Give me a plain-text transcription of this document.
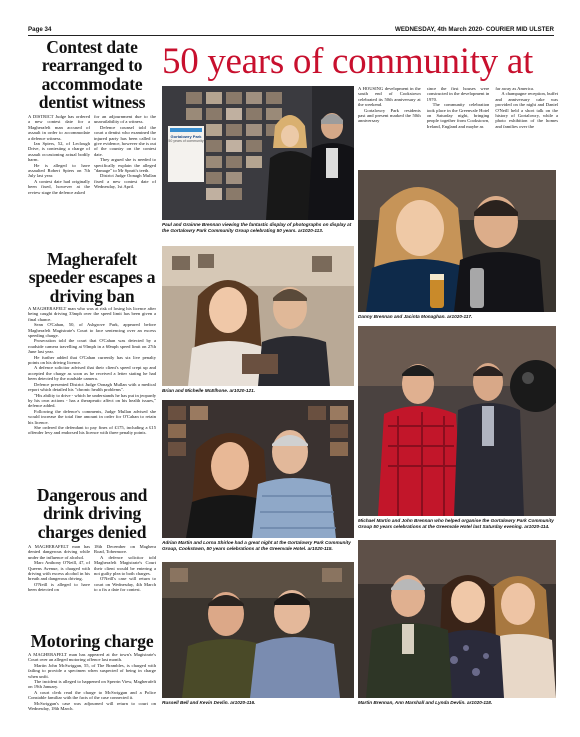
Page 34	WEDNESDAY, 4th March 2020- COURIER MID ULSTER
Contest date rearranged to accommodate dentist witness

A DISTRICT Judge has ordered a new contest date for a Magherafelt man accused of assault in order to accommodate a defence witness.

Ian Spiers, 52, of Leclough Drive, is contesting a charge of assault occasioning actual bodily harm.

He is alleged to have assaulted Robert Spiers on 7th July last year.

A contest date had originally been fixed, however at the review stage the defence asked

for an adjournment due to the unavailability of a witness.

Defence counsel told the court a dentist who examined the injured party has been called to give evidence, however she is out of the country on the contest date.

They argued she is needed to specifically explain the alleged "damage" to Mr Spratt's teeth.

District Judge Oonagh Mullan fixed a new contest date of Wednesday, 1st April.

Magherafelt speeder escapes a driving ban

A MAGHERAFELT man who was at risk of losing his licence after being caught driving 33mph over the speed limit has been given a final chance.

Sean O'Cahan, 50, of Ashgrove Park, appeared before Magherafelt Magistrate's Court to face sentencing over an excess speeding charge.

Prosecution told the court that O'Cahan was detected by a roadside camera travelling at 93mph in a 60mph speed limit on 27th June last year.

He further added that O'Cahan currently has six live penalty points on his driving licence.

A defence solicitor advised that their client's speed crept up and accepted the charge as soon as he received a letter stating he had been detected by the roadside camera.

Defence presented District Judge Oonagh Mullan with a medical report which detailed his "chronic health problems".

"His ability to drive - which he understands he has put in jeopardy by his own actions - has a therapeutic affect on his health issues," defence added.

Following the defence's comments, Judge Mullan advised she would increase the total fine amount in order for O'Cahan to retain his licence.

She ordered the defendant to pay fines of £175, including a £15 offender levy and endorsed his licence with three penalty points.

Dangerous and drink driving charges denied

A MAGHERAFELT man has denied dangerous driving while under the influence of alcohol.

Marc Anthony O'Neill, 47, of Queens Avenue, is charged with driving with excess alcohol in his breath and dangerous driving.

O'Neill is alleged to have been detected on

18th December on Maghera Road, Tobermore.

A defence solicitor told Magherafelt Magistrate's Court their client would be entering a not guilty plea to both charges.

O'Neill's case will return to court on Wednesday, 4th March to a fix a date for contest.

Motoring charge

A MAGHERAFELT man has appeared at the town's Magistrate's Court over an alleged motoring offence last month.

Martin John McSwiggan, 55, of The Brambles, is charged with failing to provide a specimen when suspected of being in charge when unfit.

The incident is alleged to happened on Sperrin View, Magherafelt on 19th January.

A court clerk read the charge to McSwiggan and a Police Constable familiar with the facts of the case connected it.

McSwiggan's case was adjourned will return to court on Wednesday, 18th March.

50 years of community at

A HOUSING development in the south end of Cookstown celebrated its 50th anniversary at the weekend.

Gortalowry Park residents past and present marked the 50th anniversary

since the first houses were constructed in the development in 1970.

The community celebration took place in the Greenvale Hotel on Saturday night, bringing people together from Cookstown, Ireland, England and maybe as

far away as America.

A champagne reception, buffet and anniversary cake was provided on the night and Daniel O'Neill held a short talk on the history of Gortalowry, while a photo exhibition of the homes and families over the

Gortalowry Park
50 years of community
Paul and Grainne Brennan viewing the fantastic display of photographs on display at the Gortalowry Park Community Group celebrating 50 years. ar1020-113.
Danny Brennan and Jacinta Monaghan. ar1020-117.
Brian and Michelle McElhone. ar1020-121.
Michael Martin and John Brennan who helped organise the Gortalowry Park Community Group 50 years celebrations at the Greenvale Hotel last Saturday evening. ar1020-114.
Adrian Martin and Lorna Shirloe had a great night at the Gortalowry Park Community Group, Cookstown, 50 years celebrations at the Greenvale Hotel. ar1020-115.
Russell Bell and Kevin Devlin. ar1020-116.	Martin Brennan, Ann Marshall and Lynda Devlin. ar1020-118.
